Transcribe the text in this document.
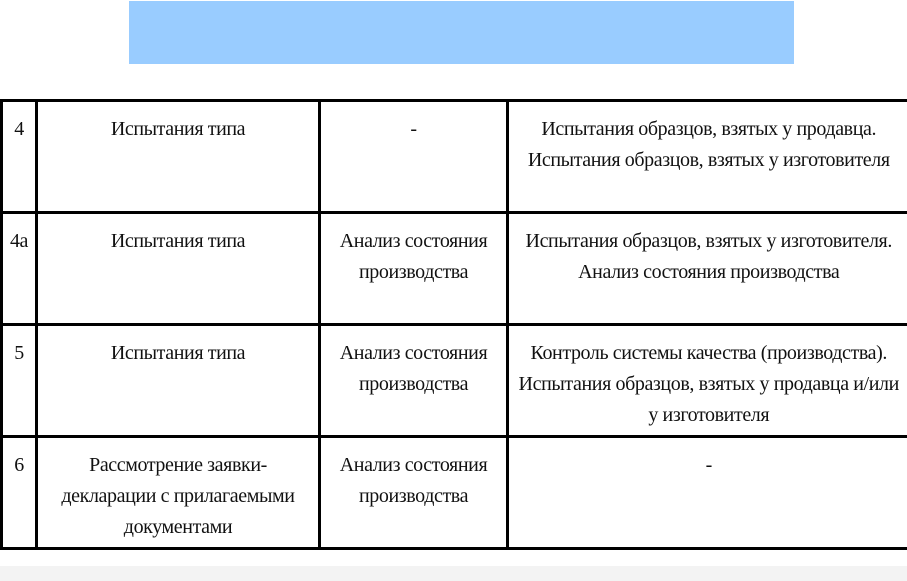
4	Испытания типа	-	Испытания образцов, взятых у продавца. Испытания образцов, взятых у изготовителя
4а	Испытания типа	Анализ состояния производства	Испытания образцов, взятых у изготовителя. Анализ состояния производства
5	Испытания типа	Анализ состояния производства	Контроль системы качества (производства). Испытания образцов, взятых у продавца и/или у изготовителя
6	Рассмотрение заявки-декларации с прилагаемыми документами	Анализ состояния производства	-
